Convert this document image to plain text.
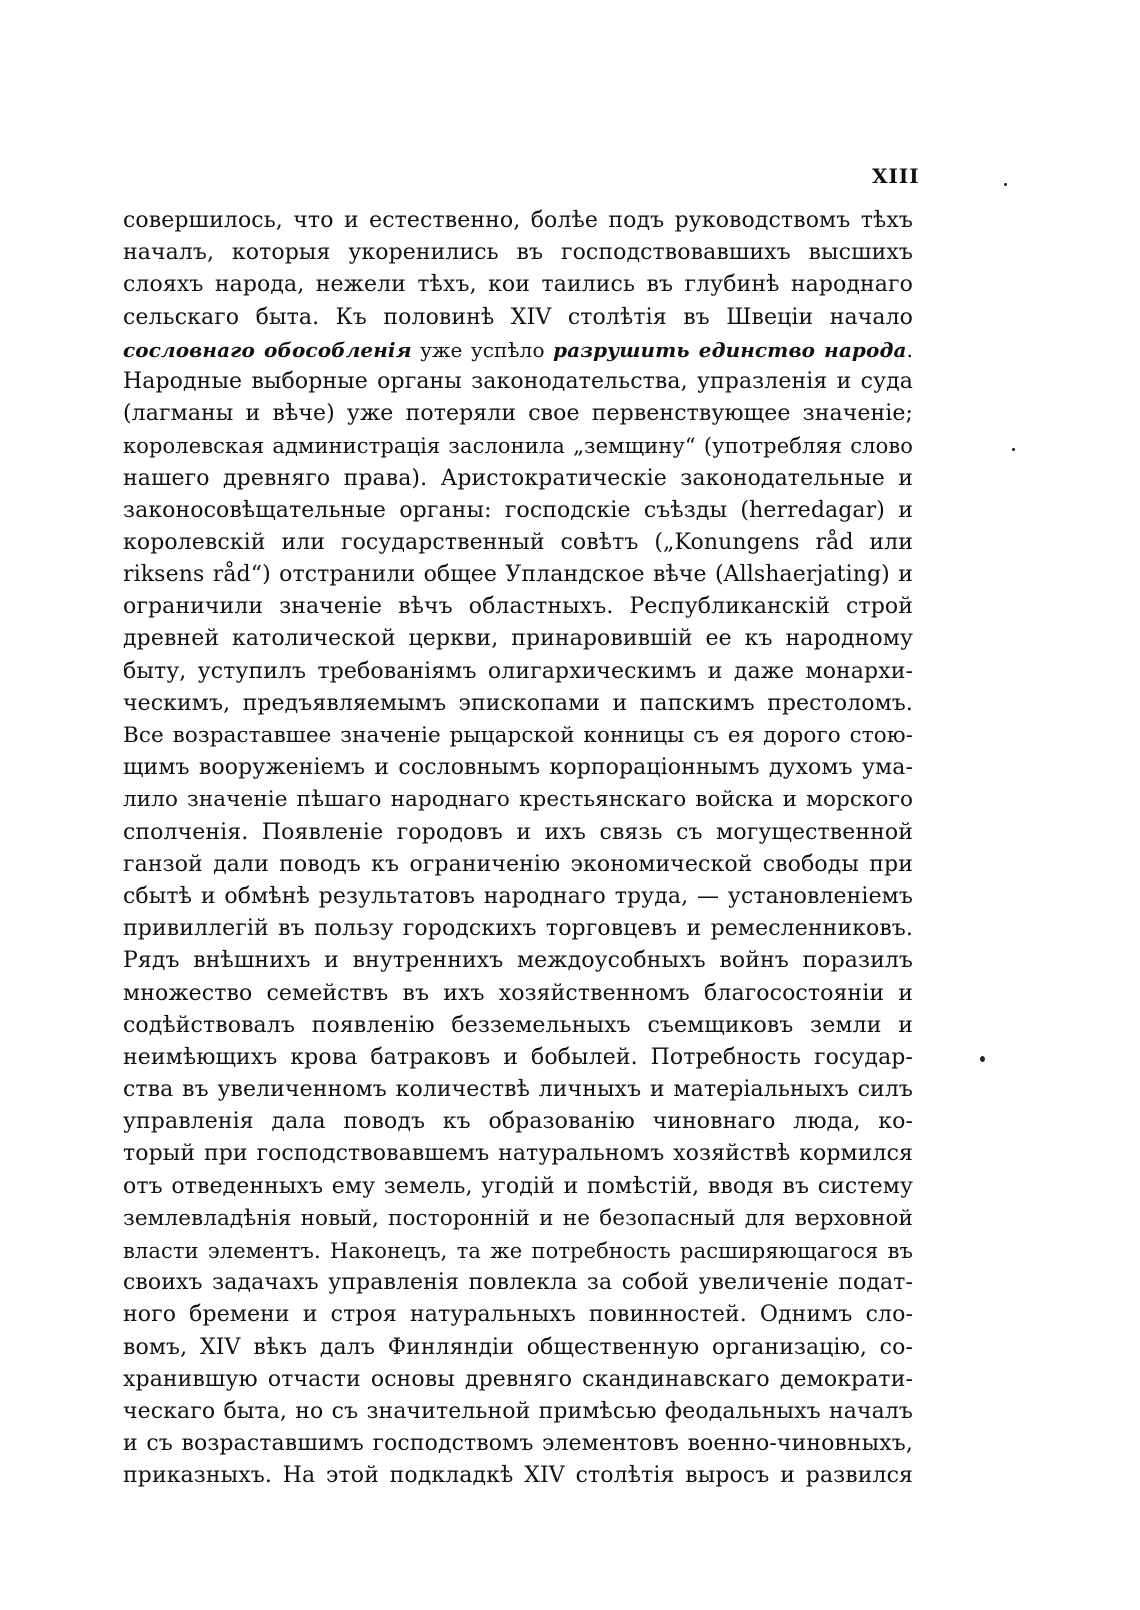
XIII
совершилось, что и естественно, болѣе подъ руководствомъ тѣхъ
началъ, которыя укоренились въ господствовавшихъ высшихъ
слояхъ народа, нежели тѣхъ, кои таились въ глубинѣ народнаго
сельскаго быта. Къ половинѣ XIV столѣтія въ Швеціи начало
сословнаго обособленія уже успѣло разрушить единство народа.
Народные выборные органы законодательства, упразленія и суда
(лагманы и вѣче) уже потеряли свое первенствующее значеніе;
королевская администрація заслонила „земщину“ (употребляя слово
нашего древняго права). Аристократическіе законодательные и
законосовѣщательные органы: господскіе съѣзды (herredagar) и
королевскій или государственный совѣтъ („Konungens råd или
riksens råd“) отстранили общее Упландское вѣче (Allshaerjating) и
ограничили значеніе вѣчъ областныхъ. Республиканскій строй
древней католической церкви, принаровившій ее къ народному
быту, уступилъ требованіямъ олигархическимъ и даже монархи-
ческимъ, предъявляемымъ эпископами и папскимъ престоломъ.
Все возраставшее значеніе рыцарской конницы съ ея дорого стою-
щимъ вооруженіемъ и сословнымъ корпораціоннымъ духомъ ума-
лило значеніе пѣшаго народнаго крестьянскаго войска и морского
сполченія. Появленіе городовъ и ихъ связь съ могущественной
ганзой дали поводъ къ ограниченію экономической свободы при
сбытѣ и обмѣнѣ результатовъ народнаго труда, — установленіемъ
привиллегій въ пользу городскихъ торговцевъ и ремесленниковъ.
Рядъ внѣшнихъ и внутреннихъ междоусобныхъ войнъ поразилъ
множество семействъ въ ихъ хозяйственномъ благосостояніи и
содѣйствовалъ появленію безземельныхъ съемщиковъ земли и
неимѣющихъ крова батраковъ и бобылей. Потребность государ-
ства въ увеличенномъ количествѣ личныхъ и матеріальныхъ силъ
управленія дала поводъ къ образованію чиновнаго люда, ко-
торый при господствовавшемъ натуральномъ хозяйствѣ кормился
отъ отведенныхъ ему земель, угодій и помѣстій, вводя въ систему
землевладѣнія новый, посторонній и не безопасный для верховной
власти элементъ. Наконецъ, та же потребность расширяющагося въ
своихъ задачахъ управленія повлекла за собой увеличеніе подат-
ного бремени и строя натуральныхъ повинностей. Однимъ сло-
вомъ, XIV вѣкъ далъ Финляндіи общественную организацію, со-
хранившую отчасти основы древняго скандинавскаго демократи-
ческаго быта, но съ значительной примѣсью феодальныхъ началъ
и съ возраставшимъ господствомъ элементовъ военно-чиновныхъ,
приказныхъ. На этой подкладкѣ XIV столѣтія выросъ и развился
